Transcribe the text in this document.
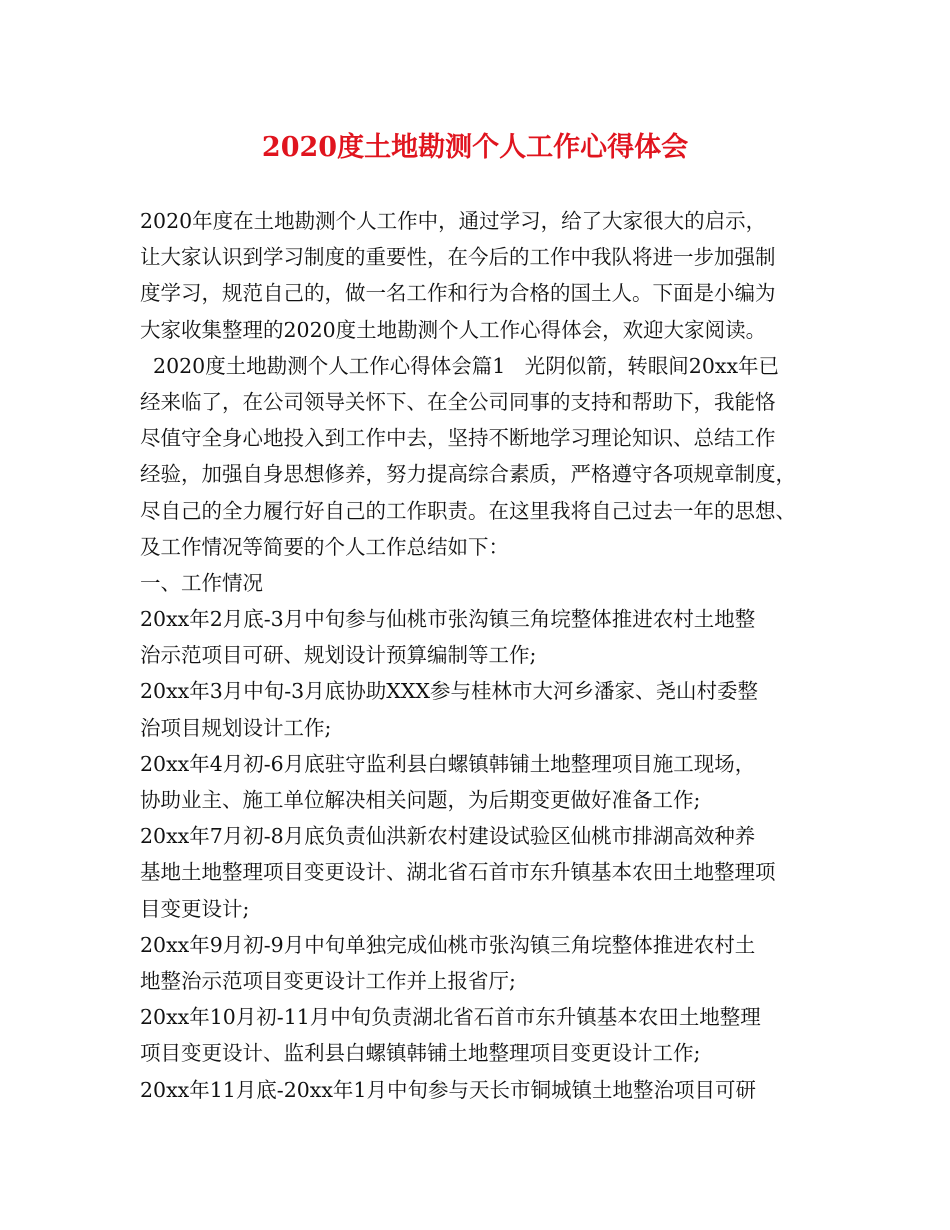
2020度土地勘测个人工作心得体会
2020年度在土地勘测个人工作中，通过学习，给了大家很大的启示，
让大家认识到学习制度的重要性，在今后的工作中我队将进一步加强制
度学习，规范自己的，做一名工作和行为合格的国土人。下面是小编为
大家收集整理的2020度土地勘测个人工作心得体会，欢迎大家阅读。
2020度土地勘测个人工作心得体会篇1   光阴似箭，转眼间20xx年已
经来临了，在公司领导关怀下、在全公司同事的支持和帮助下，我能恪
尽值守全身心地投入到工作中去，坚持不断地学习理论知识、总结工作
经验，加强自身思想修养，努力提高综合素质，严格遵守各项规章制度，
尽自己的全力履行好自己的工作职责。在这里我将自己过去一年的思想、
及工作情况等简要的个人工作总结如下：
一、工作情况
20xx年2月底-3月中旬参与仙桃市张沟镇三角垸整体推进农村土地整
治示范项目可研、规划设计预算编制等工作;
20xx年3月中旬-3月底协助XXX参与桂林市大河乡潘家、尧山村委整
治项目规划设计工作;
20xx年4月初-6月底驻守监利县白螺镇韩铺土地整理项目施工现场，
协助业主、施工单位解决相关问题，为后期变更做好准备工作;
20xx年7月初-8月底负责仙洪新农村建设试验区仙桃市排湖高效种养
基地土地整理项目变更设计、湖北省石首市东升镇基本农田土地整理项
目变更设计;
20xx年9月初-9月中旬单独完成仙桃市张沟镇三角垸整体推进农村土
地整治示范项目变更设计工作并上报省厅;
20xx年10月初-11月中旬负责湖北省石首市东升镇基本农田土地整理
项目变更设计、监利县白螺镇韩铺土地整理项目变更设计工作;
20xx年11月底-20xx年1月中旬参与天长市铜城镇土地整治项目可研
